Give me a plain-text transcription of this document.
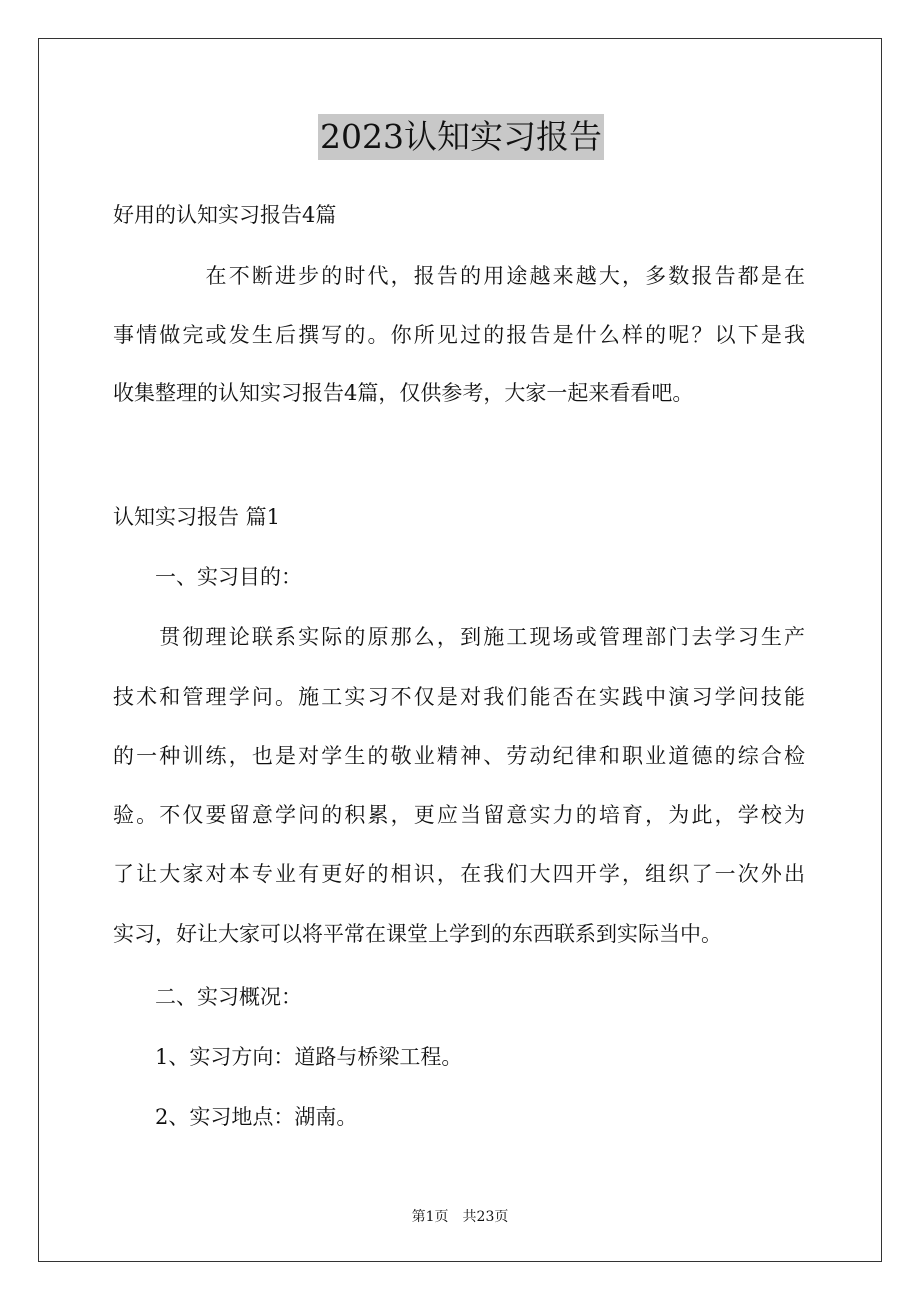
2023认知实习报告
好用的认知实习报告4篇
　　　　在不断进步的时代，报告的用途越来越大，多数报告都是在
事情做完或发生后撰写的。你所见过的报告是什么样的呢？以下是我
收集整理的认知实习报告4篇，仅供参考，大家一起来看看吧。
认知实习报告 篇1
　　一、实习目的：
　　贯彻理论联系实际的原那么，到施工现场或管理部门去学习生产
技术和管理学问。施工实习不仅是对我们能否在实践中演习学问技能
的一种训练，也是对学生的敬业精神、劳动纪律和职业道德的综合检
验。不仅要留意学问的积累，更应当留意实力的培育，为此，学校为
了让大家对本专业有更好的相识，在我们大四开学，组织了一次外出
实习，好让大家可以将平常在课堂上学到的东西联系到实际当中。
　　二、实习概况：
　　1、实习方向：道路与桥梁工程。
　　2、实习地点：湖南。
第1页　共23页
